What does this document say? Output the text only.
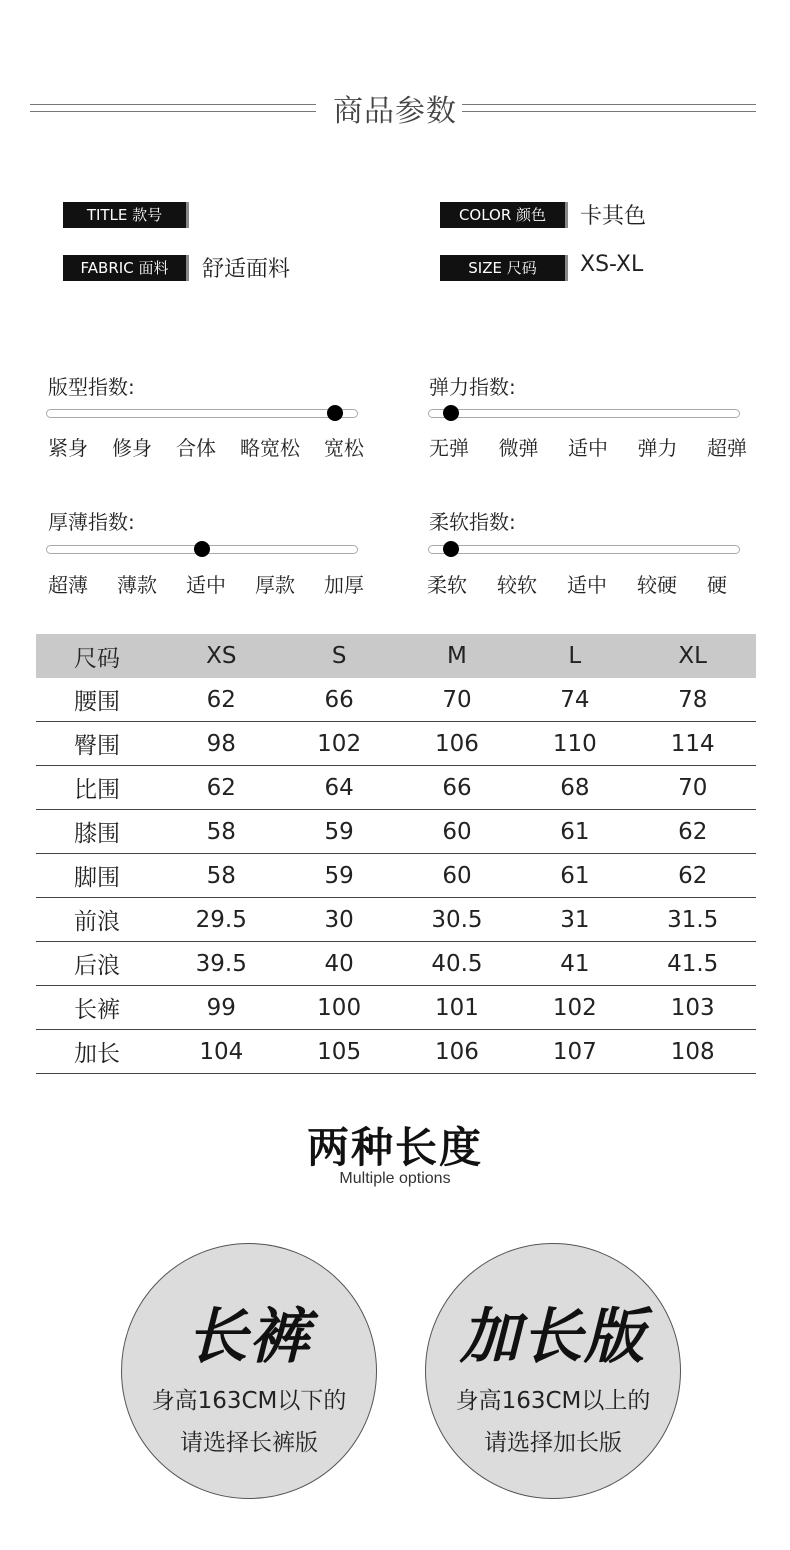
商品参数
TITLE 款号	COLOR 颜色	卡其色
FABRIC 面料	舒适面料	SIZE 尺码	XS-XL
版型指数:
紧身 修身 合体 略宽松 宽松
弹力指数:
无弹 微弹 适中 弹力 超弹
厚薄指数:
超薄 薄款 适中 厚款 加厚
柔软指数:
柔软 较软 适中 较硬 硬
尺码	XS	S	M	L	XL
腰围	62	66	70	74	78
臀围	98	102	106	110	114
比围	62	64	66	68	70
膝围	58	59	60	61	62
脚围	58	59	60	61	62
前浪	29.5	30	30.5	31	31.5
后浪	39.5	40	40.5	41	41.5
长裤	99	100	101	102	103
加长	104	105	106	107	108
两种长度
Multiple options
长裤
身高163CM以下的
请选择长裤版
加长版
身高163CM以上的
请选择加长版
